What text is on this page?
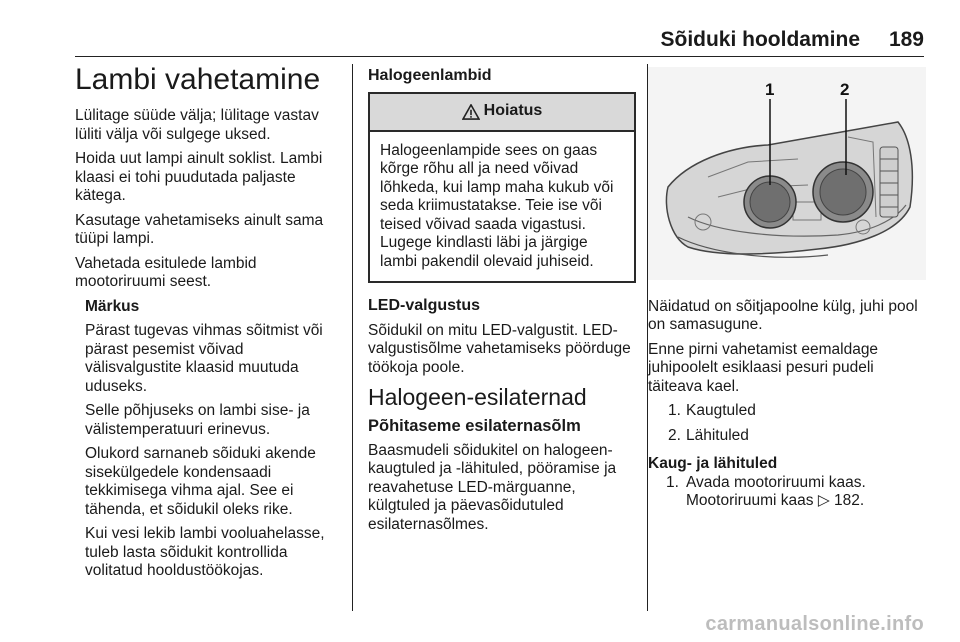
Sõiduki hooldamine 189
Lambi vahetamine

Lülitage süüde välja; lülitage vastav lüliti välja või sulgege uksed.

Hoida uut lampi ainult soklist. Lambi klaasi ei tohi puudutada paljaste kätega.

Kasutage vahetamiseks ainult sama tüüpi lampi.

Vahetada esitulede lambid mootoriruumi seest.

Märkus

Pärast tugevas vihmas sõitmist või pärast pesemist võivad välisvalgustite klaasid muutuda uduseks.

Selle põhjuseks on lambi sise- ja välistemperatuuri erinevus.

Olukord sarnaneb sõiduki akende sisekülgedele kondensaadi tekkimisega vihma ajal. See ei tähenda, et sõidukil oleks rike.

Kui vesi lekib lambi vooluahelasse, tuleb lasta sõidukit kontrollida volitatud hooldustöökojas.

Halogeenlambid

Hoiatus
Halogeenlampide sees on gaas kõrge rõhu all ja need võivad lõhkeda, kui lamp maha kukub või seda kriimustatakse. Teie ise või teised võivad saada vigastusi. Lugege kindlasti läbi ja järgige lambi pakendil olevaid juhiseid.

LED-valgustus

Sõidukil on mitu LED-valgustit. LED-valgustisõlme vahetamiseks pöörduge töökoja poole.

Halogeen-esilaternad

Põhitaseme esilaternasõlm

Baasmudeli sõidukitel on halogeen-kaugtuled ja -lähituled, pööramise ja reavahetuse LED-märguanne, külgtuled ja päevasõidutuled esilaternasõlmes.

1	2

Näidatud on sõitjapoolne külg, juhi pool on samasugune.

Enne pirni vahetamist eemaldage juhipoolelt esiklaasi pesuri pudeli täiteava kael.

1. Kaugtuled
2. Lähituled

Kaug- ja lähituled

1. Avada mootoriruumi kaas.
Mootoriruumi kaas ▷ 182.
carmanualsonline.info
